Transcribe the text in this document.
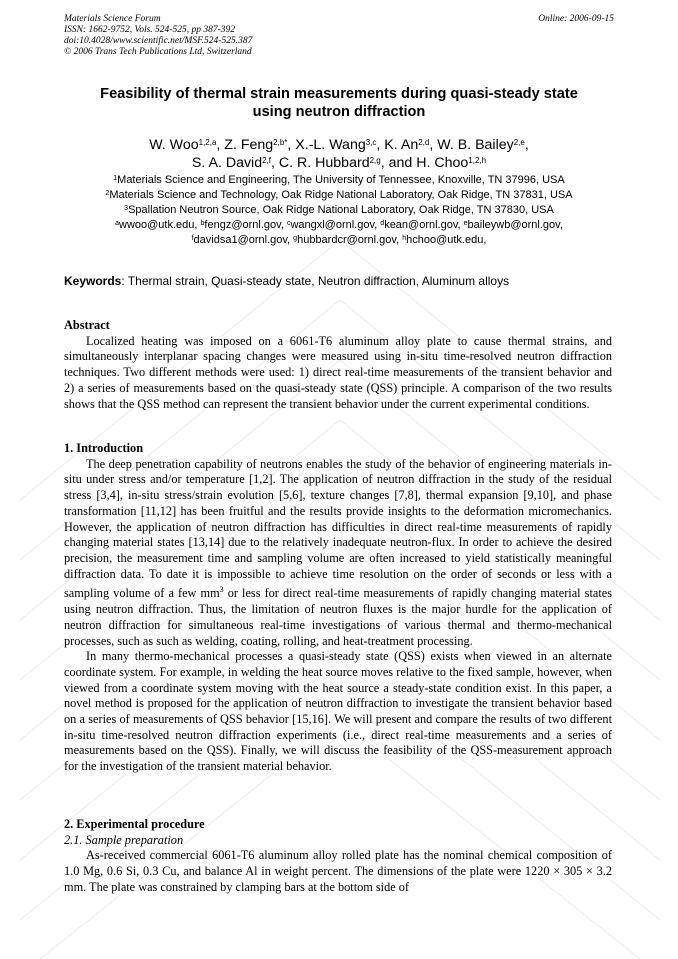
Materials Science Forum
ISSN: 1662-9752, Vols. 524-525, pp 387-392
doi:10.4028/www.scientific.net/MSF.524-525.387
© 2006 Trans Tech Publications Ltd, Switzerland
Online: 2006-09-15
Feasibility of thermal strain measurements during quasi-steady state
using neutron diffraction
W. Woo$^{1,2,a}$, Z. Feng$^{2,b*}$, X.-L. Wang$^{3,c}$, K. An$^{2,d}$, W. B. Bailey$^{2,e}$,
S. A. David$^{2,f}$, C. R. Hubbard$^{2,g}$, and H. Choo$^{1,2,h}$
$^1$Materials Science and Engineering, The University of Tennessee, Knoxville, TN 37996, USA
$^2$Materials Science and Technology, Oak Ridge National Laboratory, Oak Ridge, TN 37831, USA
$^3$Spallation Neutron Source, Oak Ridge National Laboratory, Oak Ridge, TN 37830, USA
$^a$wwoo@utk.edu, $^b$fengz@ornl.gov, $^c$wangxl@ornl.gov, $^d$kean@ornl.gov, $^e$baileywb@ornl.gov,
$^f$davidsa1@ornl.gov, $^g$hubbardcr@ornl.gov, $^h$hchoo@utk.edu,
Keywords: Thermal strain, Quasi-steady state, Neutron diffraction, Aluminum alloys
Abstract

Localized heating was imposed on a 6061-T6 aluminum alloy plate to cause thermal strains, and simultaneously interplanar spacing changes were measured using in-situ time-resolved neutron diffraction techniques. Two different methods were used: 1) direct real-time measurements of the transient behavior and 2) a series of measurements based on the quasi-steady state (QSS) principle. A comparison of the two results shows that the QSS method can represent the transient behavior under the current experimental conditions.

1. Introduction

The deep penetration capability of neutrons enables the study of the behavior of engineering materials in-situ under stress and/or temperature [1,2]. The application of neutron diffraction in the study of the residual stress [3,4], in-situ stress/strain evolution [5,6], texture changes [7,8], thermal expansion [9,10], and phase transformation [11,12] has been fruitful and the results provide insights to the deformation micromechanics. However, the application of neutron diffraction has difficulties in direct real-time measurements of rapidly changing material states [13,14] due to the relatively inadequate neutron-flux. In order to achieve the desired precision, the measurement time and sampling volume are often increased to yield statistically meaningful diffraction data. To date it is impossible to achieve time resolution on the order of seconds or less with a sampling volume of a few $mm^3$ or less for direct real-time measurements of rapidly changing material states using neutron diffraction. Thus, the limitation of neutron fluxes is the major hurdle for the application of neutron diffraction for simultaneous real-time investigations of various thermal and thermo-mechanical processes, such as such as welding, coating, rolling, and heat-treatment processing.

In many thermo-mechanical processes a quasi-steady state (QSS) exists when viewed in an alternate coordinate system. For example, in welding the heat source moves relative to the fixed sample, however, when viewed from a coordinate system moving with the heat source a steady-state condition exist. In this paper, a novel method is proposed for the application of neutron diffraction to investigate the transient behavior based on a series of measurements of QSS behavior [15,16]. We will present and compare the results of two different in-situ time-resolved neutron diffraction experiments (i.e., direct real-time measurements and a series of measurements based on the QSS). Finally, we will discuss the feasibility of the QSS-measurement approach for the investigation of the transient material behavior.

2. Experimental procedure
2.1. Sample preparation

As-received commercial 6061-T6 aluminum alloy rolled plate has the nominal chemical composition of 1.0 Mg, 0.6 Si, 0.3 Cu, and balance Al in weight percent. The dimensions of the plate were 1220 × 305 × 3.2 mm. The plate was constrained by clamping bars at the bottom side of
